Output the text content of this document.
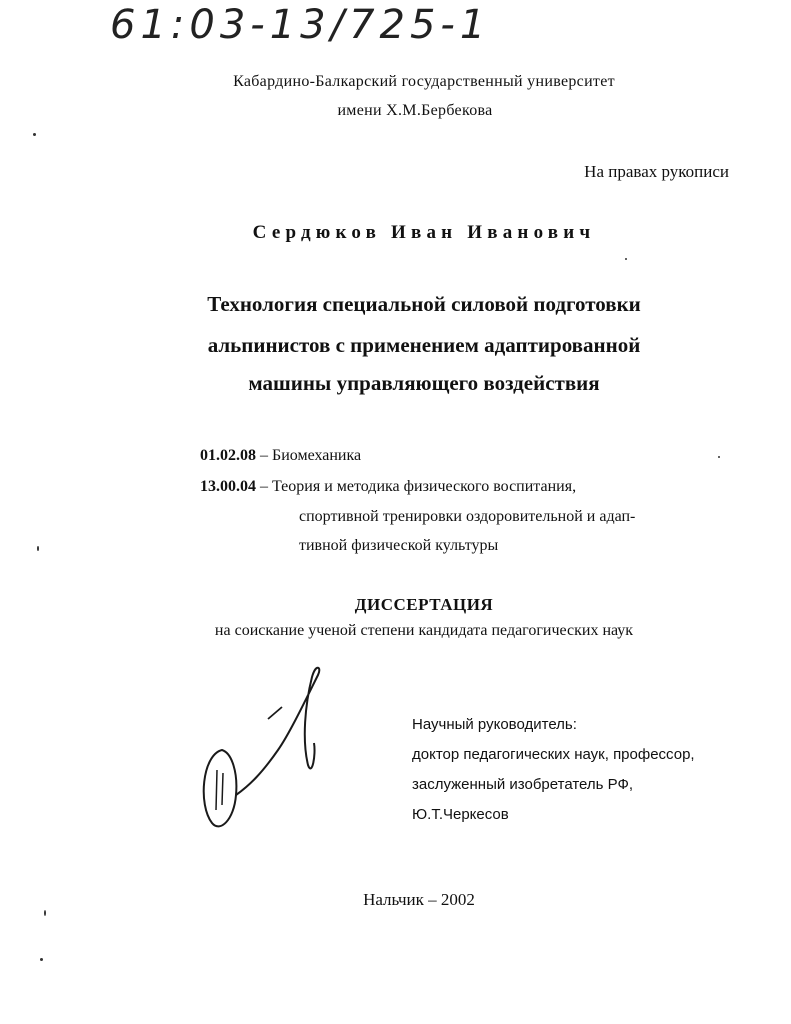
61:03-13/725-1
Кабардино-Балкарский государственный университет
имени Х.М.Бербекова
На правах рукописи
Сердюков Иван Иванович
Технология специальной силовой подготовки
альпинистов с применением адаптированной
машины управляющего воздействия
01.02.08 – Биомеханика
13.00.04 – Теория и методика физического воспитания,
спортивной тренировки оздоровительной и адап-
тивной физической культуры
ДИССЕРТАЦИЯ
на соискание ученой степени кандидата педагогических наук
Научный руководитель:
доктор педагогических наук, профессор,
заслуженный изобретатель РФ,
Ю.Т.Черкесов
Нальчик – 2002
